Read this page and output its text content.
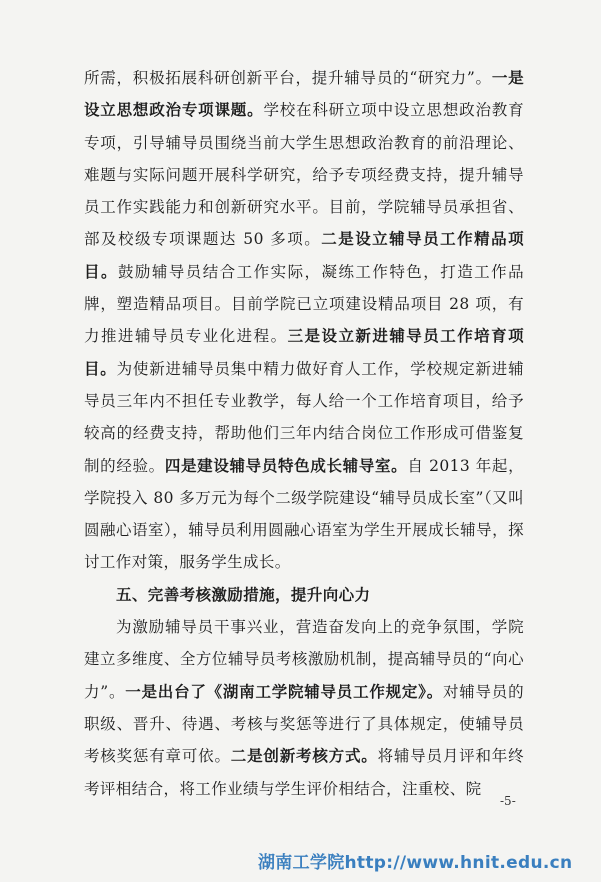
所需，积极拓展科研创新平台，提升辅导员的“研究力”。一是设立思想政治专项课题。学校在科研立项中设立思想政治教育专项，引导辅导员围绕当前大学生思想政治教育的前沿理论、难题与实际问题开展科学研究，给予专项经费支持，提升辅导员工作实践能力和创新研究水平。目前，学院辅导员承担省、部及校级专项课题达 50 多项。二是设立辅导员工作精品项目。鼓励辅导员结合工作实际，凝练工作特色，打造工作品牌，塑造精品项目。目前学院已立项建设精品项目 28 项，有力推进辅导员专业化进程。三是设立新进辅导员工作培育项目。为使新进辅导员集中精力做好育人工作，学校规定新进辅导员三年内不担任专业教学，每人给一个工作培育项目，给予较高的经费支持，帮助他们三年内结合岗位工作形成可借鉴复制的经验。四是建设辅导员特色成长辅导室。自 2013 年起，学院投入 80 多万元为每个二级学院建设“辅导员成长室”（又叫圆融心语室），辅导员利用圆融心语室为学生开展成长辅导，探讨工作对策，服务学生成长。

五、完善考核激励措施，提升向心力

为激励辅导员干事兴业，营造奋发向上的竞争氛围，学院建立多维度、全方位辅导员考核激励机制，提高辅导员的“向心力”。一是出台了《湖南工学院辅导员工作规定》。对辅导员的职级、晋升、待遇、考核与奖惩等进行了具体规定，使辅导员考核奖惩有章可依。二是创新考核方式。将辅导员月评和年终考评相结合，将工作业绩与学生评价相结合，注重校、院

-5-
湖南工学院http://www.hnit.edu.cn
